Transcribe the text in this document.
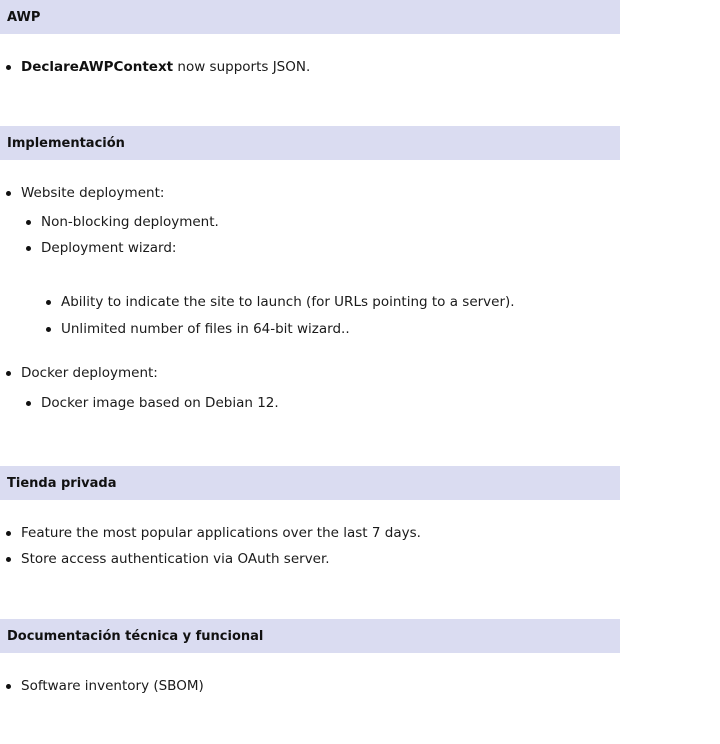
AWP
DeclareAWPContext now supports JSON.
Implementación
Website deployment:
Non-blocking deployment.
Deployment wizard:
Ability to indicate the site to launch (for URLs pointing to a server).
Unlimited number of files in 64-bit wizard..
Docker deployment:
Docker image based on Debian 12.
Tienda privada
Feature the most popular applications over the last 7 days.
Store access authentication via OAuth server.
Documentación técnica y funcional
Software inventory (SBOM)
